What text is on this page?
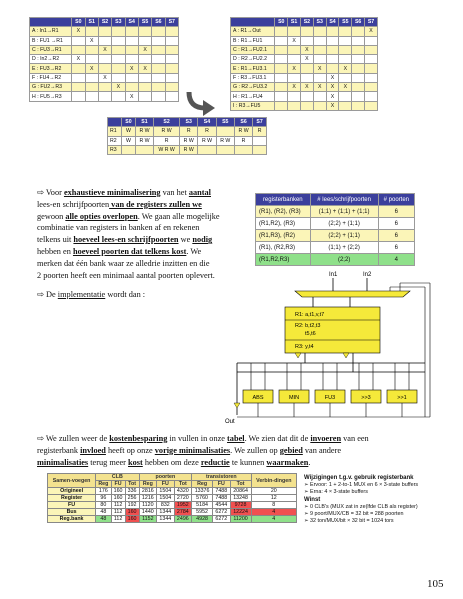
	S0	S1	S2	S3	S4	S5	S6	S7
A : In1→R1	X							
B : FU1 →R1		X						
C : FU3→R1			X			X		
D : In2→R2	X							
E : FU3→R2		X			X	X		
F : FU4→R2			X					
G : FU2→R3				X				
H : FU5→R3					X			
	S0	S1	S2	S3	S4	S5	S6	S7
A : R1→Out								X
B : R1→FU1		X						
C : R1→FU2.1			X					
D : R2→FU2.2			X					
E : R1→FU3.1		X		X		X		
F : R3→FU3.1					X			
G : R2→FU3.2		X	X	X	X	X		
H : R1→FU4					X			
I : R3→FU5					X			
	S0	S1	S2	S3	S4	S5	S6	S7
R1	W	R W	R W	R	R		R W	R
R2	W	R W	R	R W	R W	R W	R	
R3			W R W	R W				
⇨ Voor exhaustieve minimalisering van het aantal
lees-en schrijfpoorten van de registers zullen we
gewoon alle opties overlopen. We gaan alle mogelijke
combinatie van registers in banken af en rekenen
telkens uit hoeveel lees-en schrijfpoorten we nodig
hebben en hoeveel poorten dat telkens kost. We
merken dat één bank waar ze alledrie inzitten en die
2 poorten heeft een minimaal aantal poorten oplevert.
registerbanken	# lees/schrijfpoorten	# poorten
(R1), (R2), (R3)	(1;1) + (1;1) + (1;1)	6
(R1,R2), (R3)	(2;2) + (1;1)	6
(R1,R3), (R2)	(2;2) + (1;1)	6
(R1), (R2,R3)	(1;1) + (2;2)	6
(R1,R2,R3)	(2;2)	4
⇨ De implementatie wordt dan :
In1	In2
R1: a,t1,v,t7
R2: b,t2,t3
t5,t6
R3: y,t4
ABS	MIN	FU3	>>3	>>1
Out
⇨ We zullen weer de kostenbesparing in vullen in onze tabel. We zien dat dit de invoeren van een
registerbank invloed heeft op onze vorige minimalisaties. We zullen op gebied van andere
minimalisaties terug meer kost hebben om deze reductie te kunnen waarmaken.
Samen-voegen	CLB			poorten			transistoren			Verbin-dingen
	Reg	FU	Tot	Reg	FU	Tot	Reg	FU	Tot	
Origineel	176	160	336	2816	1504	4320	13376	7488	20864	20
Register	96	160	256	1216	1504	2720	5760	7488	13248	12
FU	80	112	192	1120	832	1952	5184	4544	9728	8
Bus	48	112	160	1440	1344	2784	5952	6272	12224	4
Reg.bank	48	112	160	1152	1344	2496	4928	6272	11200	4
Wijzigingen t.g.v. gebruik registerbank
➢ Ervoor: 1 + 2-to-1 MUX en 6 × 3-state buffers
➢ Erna: 4 × 3-state buffers
Winst
➢ 0 CLB's (MUX zat in ze(lfde CLB als register)
➢ 9 poort/MUX/CB = 32 bit = 288 poorten
➢ 32 ton/MUX/bit × 32 bit = 1024 tors
105
